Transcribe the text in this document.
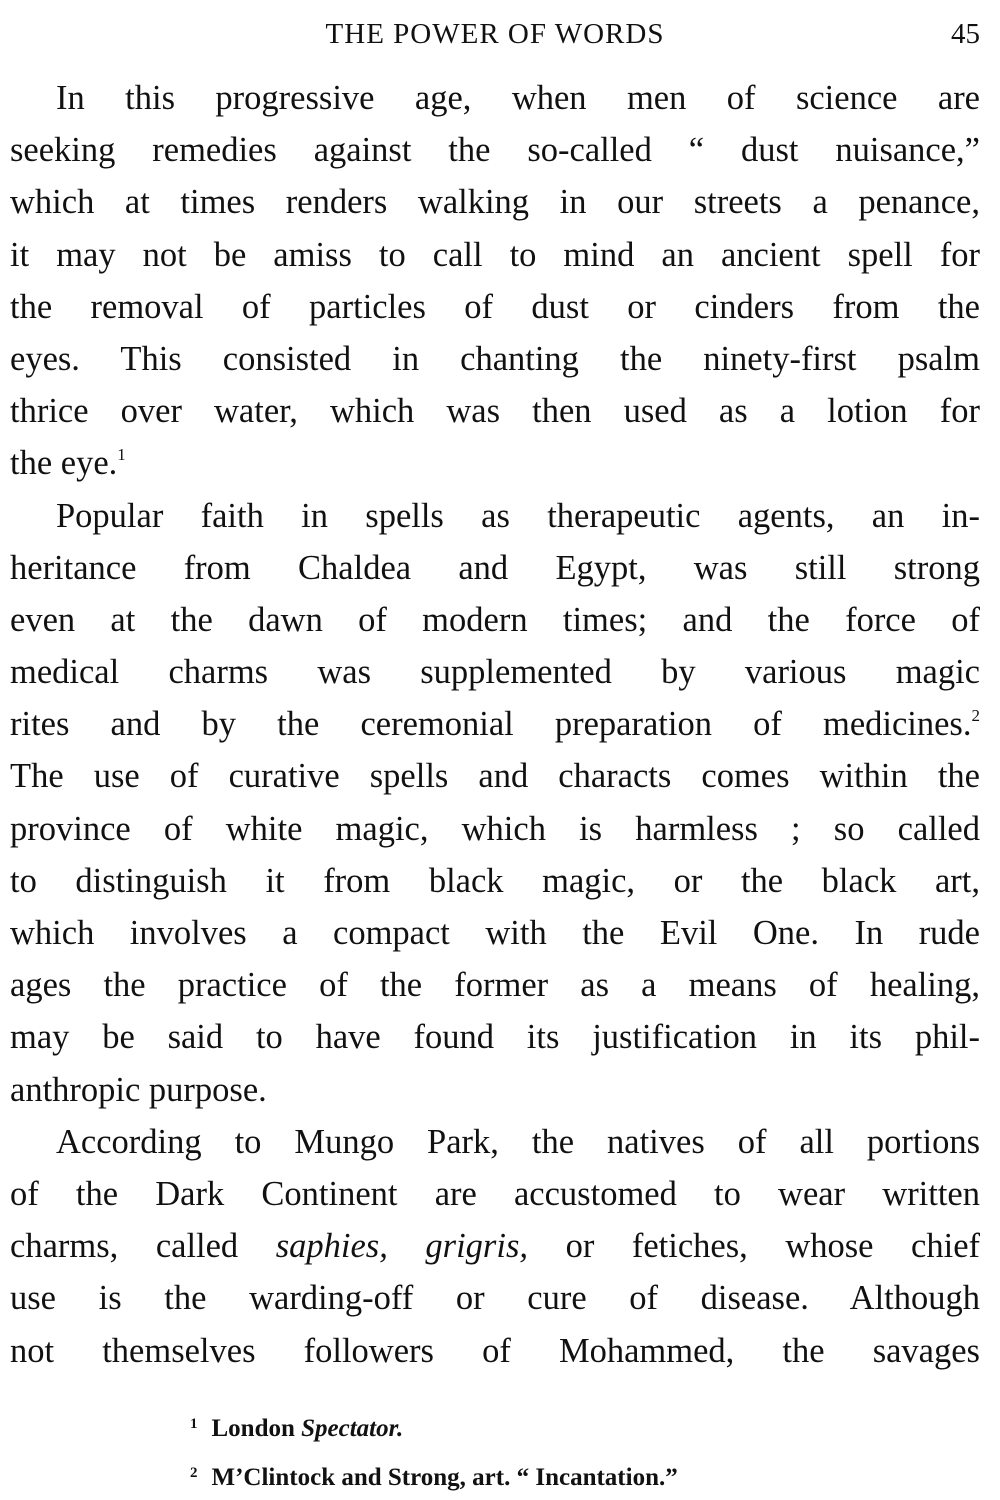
THE POWER OF WORDS	45
In this progressive age, when men of science are
seeking remedies against the so-called “ dust nuisance,”
which at times renders walking in our streets a penance,
it may not be amiss to call to mind an ancient spell for
the removal of particles of dust or cinders from the
eyes. This consisted in chanting the ninety-first psalm
thrice over water, which was then used as a lotion for
the eye.$^1$
Popular faith in spells as therapeutic agents, an in-
heritance from Chaldea and Egypt, was still strong
even at the dawn of modern times; and the force of
medical charms was supplemented by various magic
rites and by the ceremonial preparation of medicines.$^2$
The use of curative spells and characts comes within the
province of white magic, which is harmless ; so called
to distinguish it from black magic, or the black art,
which involves a compact with the Evil One. In rude
ages the practice of the former as a means of healing,
may be said to have found its justification in its phil-
anthropic purpose.
According to Mungo Park, the natives of all portions
of the Dark Continent are accustomed to wear written
charms, called saphies, grigris, or fetiches, whose chief
use is the warding-off or cure of disease. Although
not themselves followers of Mohammed, the savages
$^1$ London Spectator.
$^2$ M’Clintock and Strong, art. “ Incantation.”
